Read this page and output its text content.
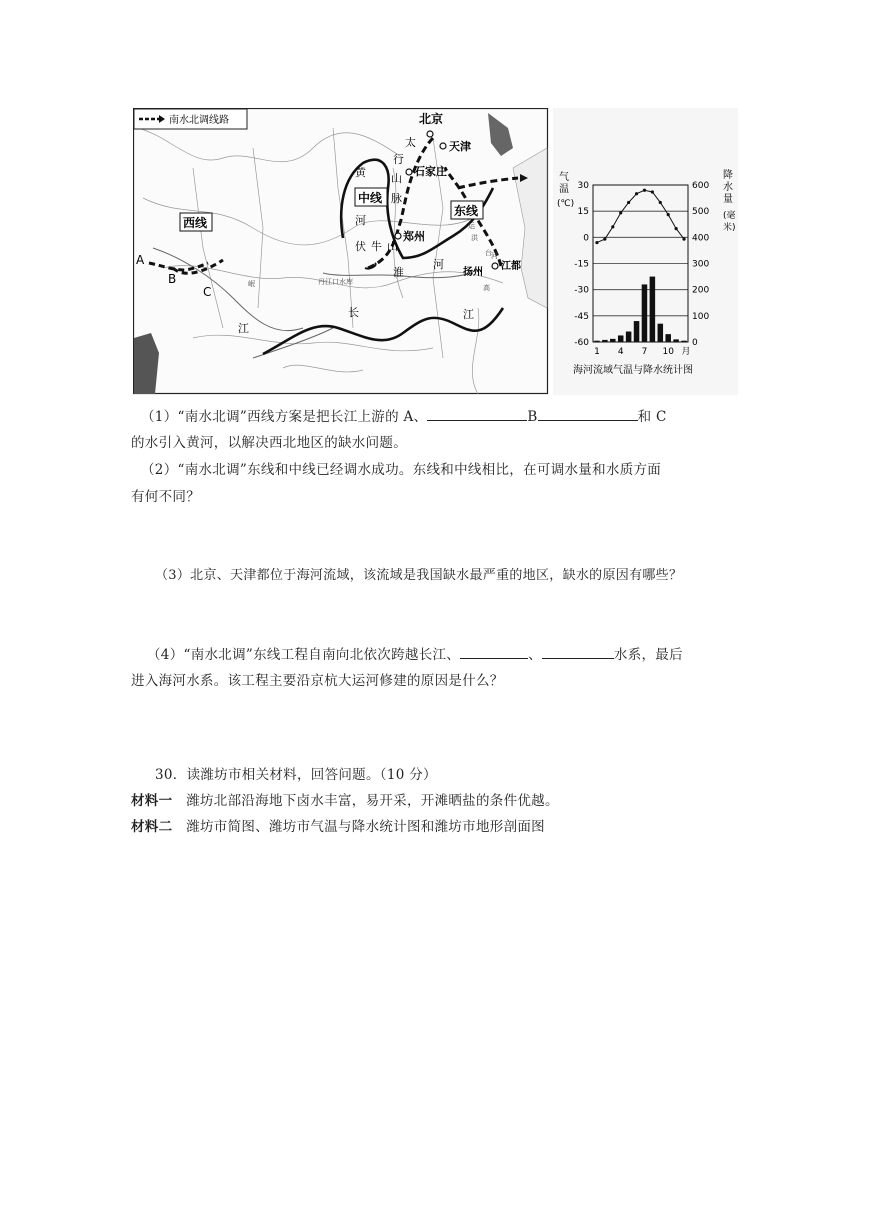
南水北调线路
西线
中线
东线
北京
天津
石家庄
郑州
江都
扬州
A
B
C
太
行
山
脉
黄
河
伏 牛 山
淮
河
长	江
江
丹江口水库
岷
台
运
洪
高
河
气
温
(℃)
降
水
量
(毫
米)
30	600
15	500
0	400
-15	300
-30	200
-45	100
-60	0
1 4 7 10 月
海河流域气温与降水统计图
（1）“南水北调”西线方案是把长江上游的 A、	B	和 C
的水引入黄河，以解决西北地区的缺水问题。
（2）“南水北调”东线和中线已经调水成功。东线和中线相比，在可调水量和水质方面
有何不同？
（3）北京、天津都位于海河流域，该流域是我国缺水最严重的地区，缺水的原因有哪些？
（4）“南水北调”东线工程自南向北依次跨越长江、	、	水系，最后
进入海河水系。该工程主要沿京杭大运河修建的原因是什么？
30．读潍坊市相关材料，回答问题。（10 分）
材料一 潍坊北部沿海地下卤水丰富，易开采，开滩晒盐的条件优越。
材料二 潍坊市简图、潍坊市气温与降水统计图和潍坊市地形剖面图
